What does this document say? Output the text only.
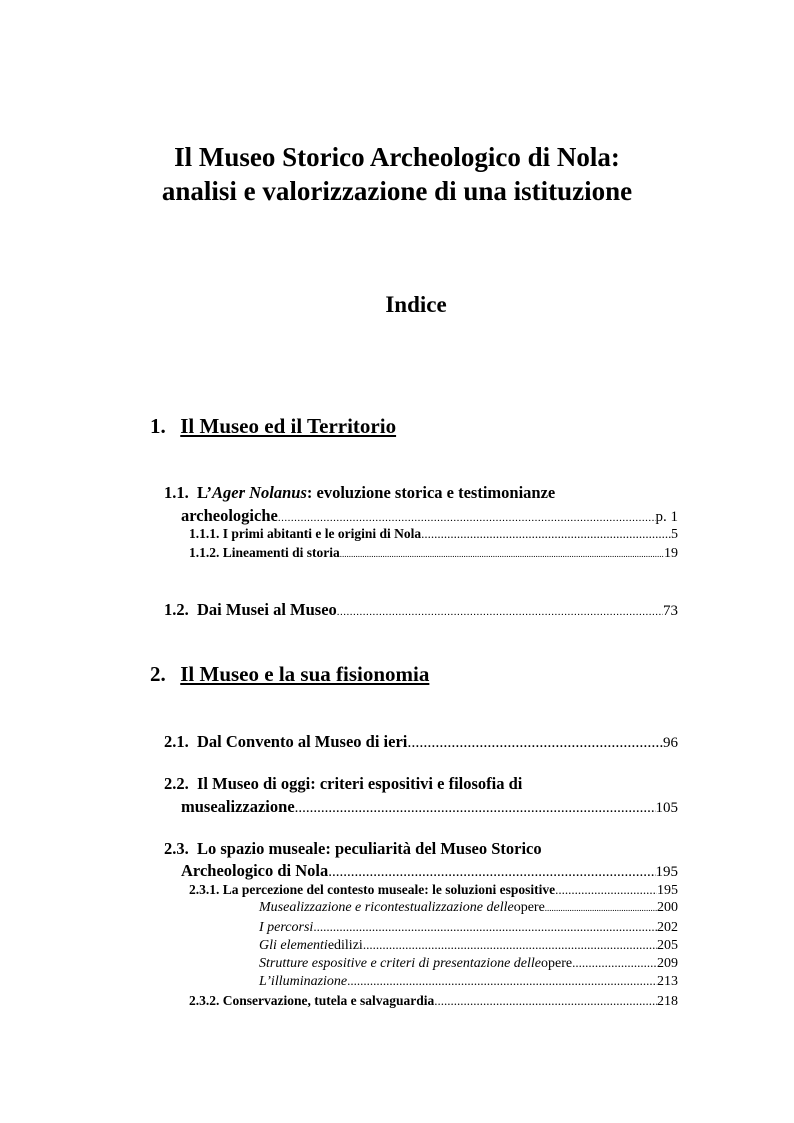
Il Museo Storico Archeologico di Nola:
analisi e valorizzazione di una istituzione
Indice
1. Il Museo ed il Territorio
1.1. L’Ager Nolanus: evoluzione storica e testimonianze
archeologiche .....	p. 1
1.1.1.
I primi abitanti e le origini di Nola .....	5
1.1.2.
Lineamenti di storia .....	19
1.2.
Dai Musei al Museo .....	73
2. Il Museo e la sua fisionomia
2.1.
Dal Convento al Museo di ieri .....	96
2.2. Il Museo di oggi: criteri espositivi e filosofia di
musealizzazione .....	105
2.3. Lo spazio museale: peculiarità del Museo Storico
Archeologico di Nola .....	195
2.3.1.
La percezione del contesto museale: le soluzioni espositive .....	195
Musealizzazione e ricontestualizzazione delle opere .....	200
I percorsi .....	202
Gli elementi edilizi .....	205
Strutture espositive e criteri di presentazione delle opere .....	209
L’illuminazione .....	213
2.3.2.
Conservazione, tutela e salvaguardia .....	218
